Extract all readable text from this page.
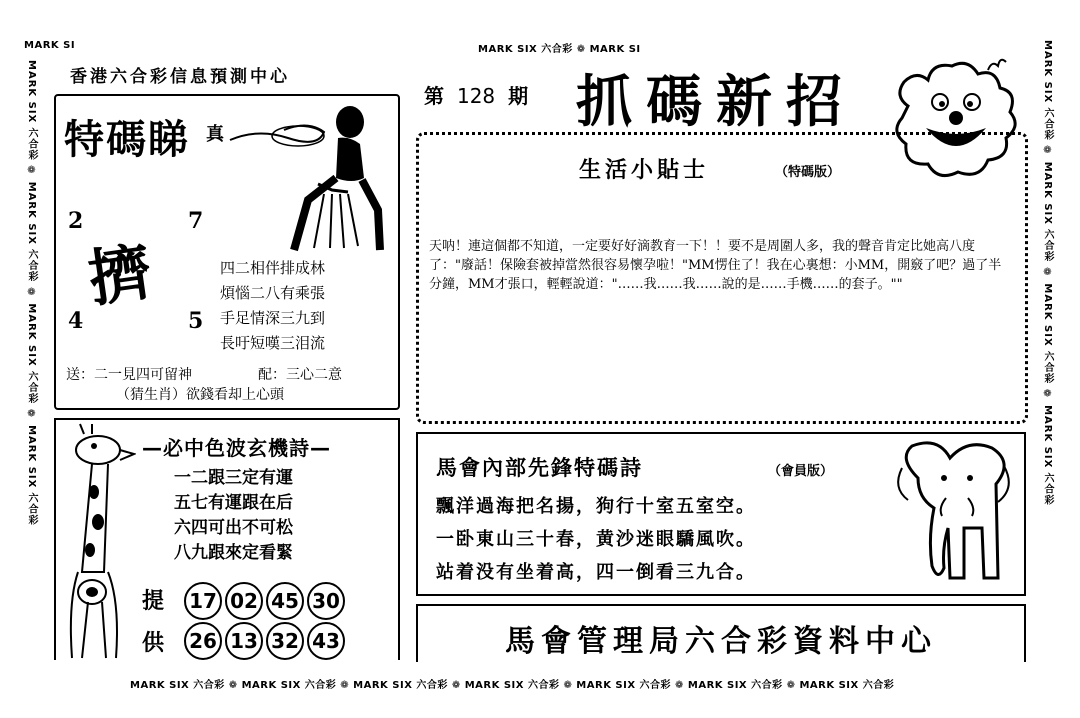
MARK SI	MARK SIX 六合彩 ❁ MARK SI
MARK SIX 六合彩 ❁ MARK SIX 六合彩 ❁ MARK SIX 六合彩 ❁ MARK SIX 六合彩 ❁ MARK SIX 六合彩 ❁ MARK SIX 六合彩 ❁ MARK SIX 六合彩
MARK SIX 六合彩 ❁ MARK SIX 六合彩 ❁ MARK SIX 六合彩 ❁ MARK SIX 六合彩	MARK SIX 六合彩 ❁ MARK SIX 六合彩 ❁ MARK SIX 六合彩 ❁ MARK SIX 六合彩
香港六合彩信息預測中心
特碼睇 真
2	7
4	5
擠	四二相伴排成林
煩惱二八有乘張
手足情深三九到
長吁短嘆三泪流
送：二一見四可留神	配：三心二意
（猜生肖）欲錢看却上心頭
—必中色波玄機詩—
一二跟三定有運
五七有運跟在后
六四可出不可松
八九跟來定看緊
提 17 02 45 30
供 26 13 32 43
第 128 期 抓碼新招
生活小貼士	（特碼版）
天呐！連這個都不知道，一定要好好滴教育一下！！要不是周圍人多，我的聲音肯定比她高八度了："廢話！保險套被掉當然很容易懷孕啦！"MM愣住了！我在心裏想：小MM，開竅了吧？過了半分鐘，MM才張口，輕輕說道："……我……我……說的是……手機……的套子。""
馬會內部先鋒特碼詩	（會員版）
飄洋過海把名揚，狗行十室五室空。
一卧東山三十春，黄沙迷眼驕風吹。
站着没有坐着高，四一倒看三九合。
馬會管理局六合彩資料中心
